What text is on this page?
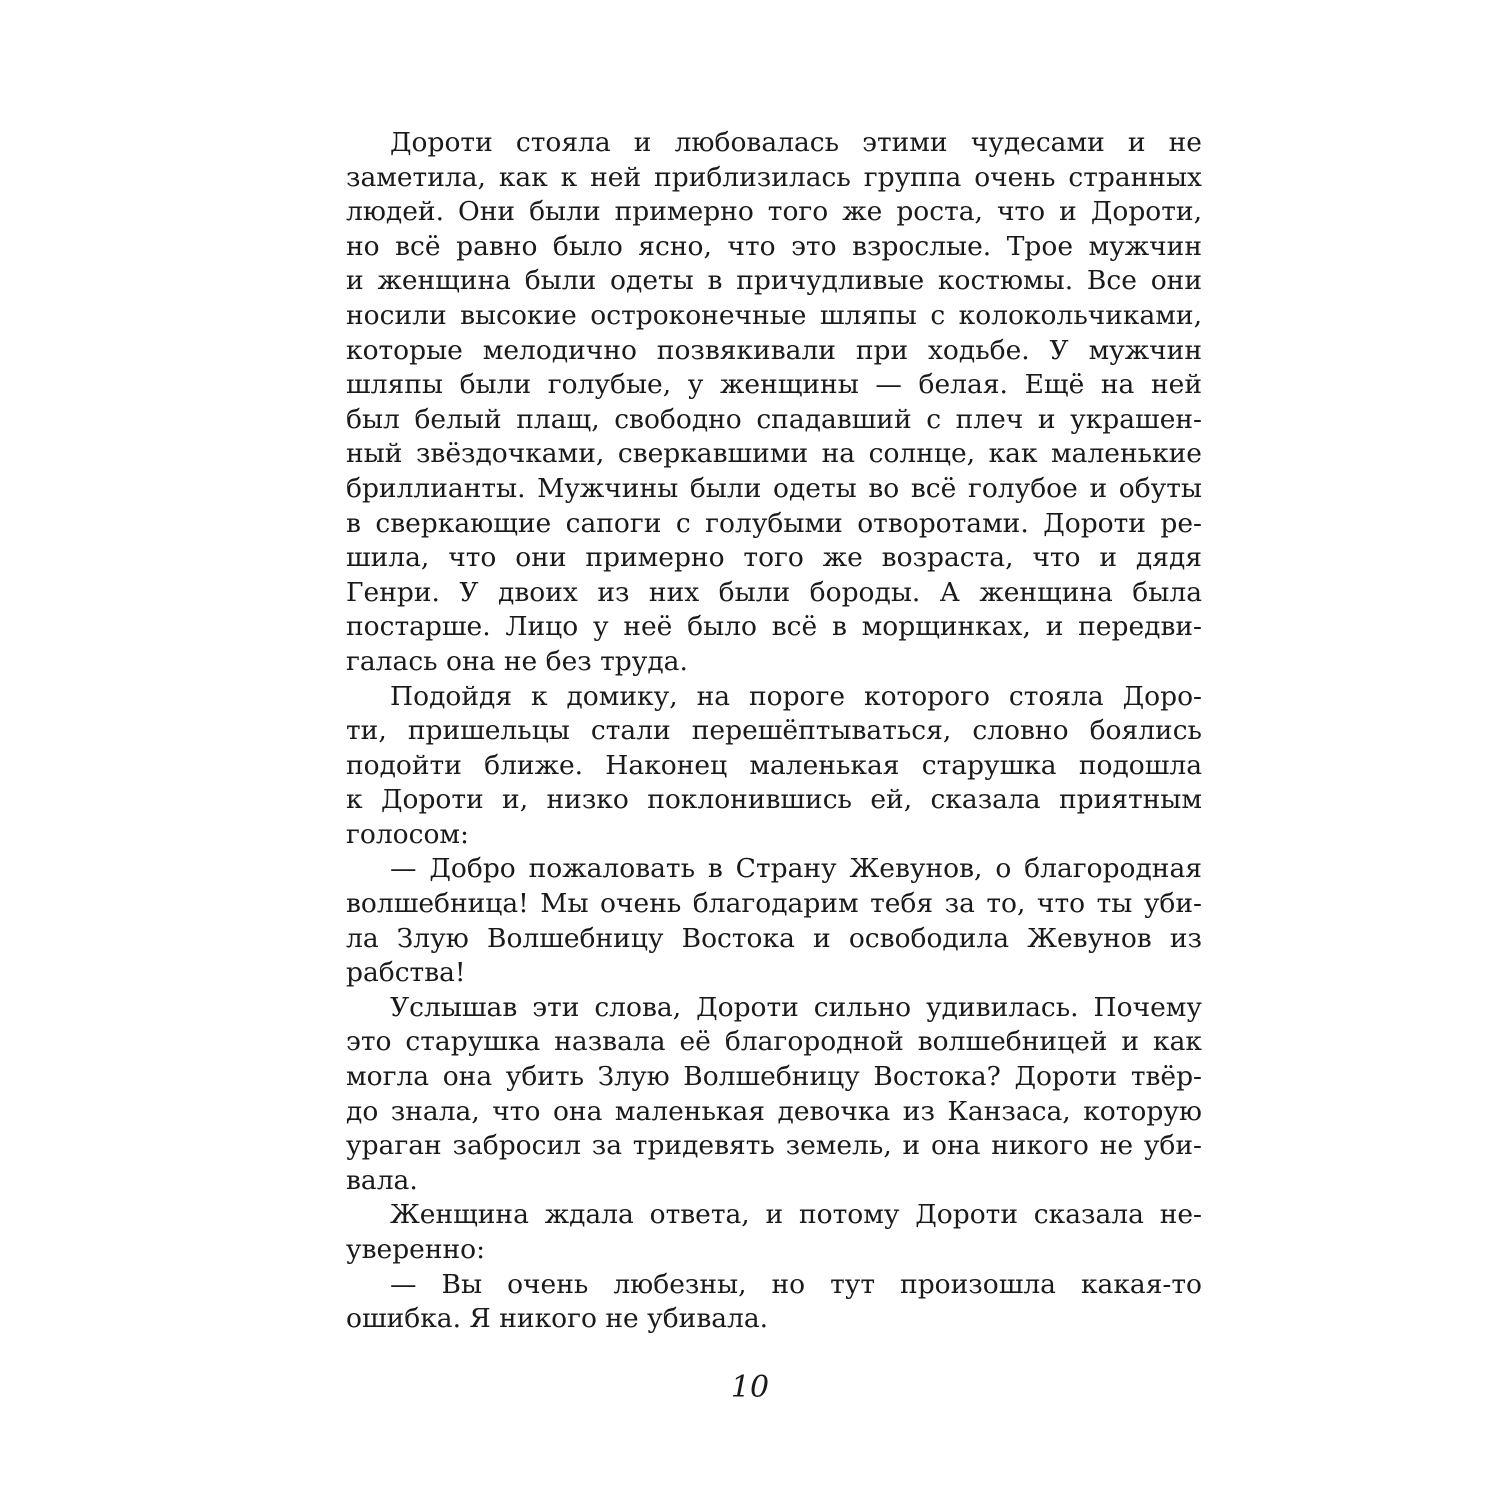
Дороти стояла и любовалась этими чудесами и не
заметила, как к ней приблизилась группа очень странных
людей. Они были примерно того же роста, что и Дороти,
но всё равно было ясно, что это взрослые. Трое мужчин
и женщина были одеты в причудливые костюмы. Все они
носили высокие остроконечные шляпы с колокольчиками,
которые мелодично позвякивали при ходьбе. У мужчин
шляпы были голубые, у женщины — белая. Ещё на ней
был белый плащ, свободно спадавший с плеч и украшен-
ный звёздочками, сверкавшими на солнце, как маленькие
бриллианты. Мужчины были одеты во всё голубое и обуты
в сверкающие сапоги с голубыми отворотами. Дороти ре-
шила, что они примерно того же возраста, что и дядя
Генри. У двоих из них были бороды. А женщина была
постарше. Лицо у неё было всё в морщинках, и передви-
галась она не без труда.
Подойдя к домику, на пороге которого стояла Доро-
ти, пришельцы стали перешёптываться, словно боялись
подойти ближе. Наконец маленькая старушка подошла
к Дороти и, низко поклонившись ей, сказала приятным
голосом:
— Добро пожаловать в Страну Жевунов, о благородная
волшебница! Мы очень благодарим тебя за то, что ты уби-
ла Злую Волшебницу Востока и освободила Жевунов из
рабства!
Услышав эти слова, Дороти сильно удивилась. Почему
это старушка назвала её благородной волшебницей и как
могла она убить Злую Волшебницу Востока? Дороти твёр-
до знала, что она маленькая девочка из Канзаса, которую
ураган забросил за тридевять земель, и она никого не уби-
вала.
Женщина ждала ответа, и потому Дороти сказала не-
уверенно:
— Вы очень любезны, но тут произошла какая-то
ошибка. Я никого не убивала.
10
